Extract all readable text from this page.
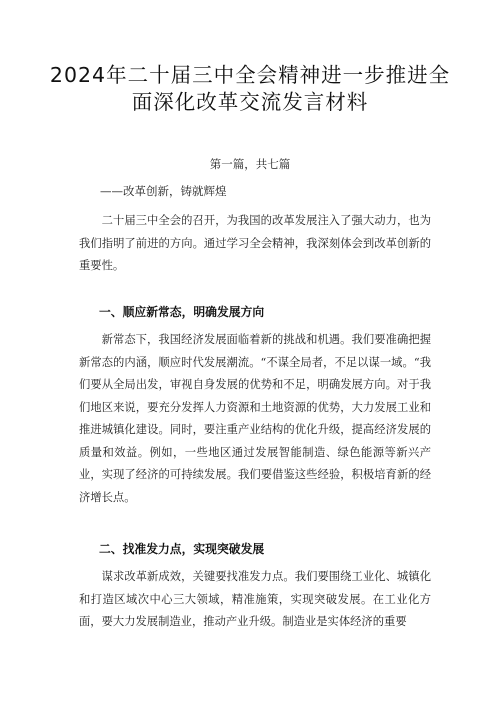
2024年二十届三中全会精神进一步推进全
面深化改革交流发言材料
第一篇，共七篇
——改革创新，铸就辉煌

二十届三中全会的召开，为我国的改革发展注入了强大动力，也为我们指明了前进的方向。通过学习全会精神，我深刻体会到改革创新的重要性。

一、顺应新常态，明确发展方向

新常态下，我国经济发展面临着新的挑战和机遇。我们要准确把握新常态的内涵，顺应时代发展潮流。“不谋全局者，不足以谋一域。“我们要从全局出发，审视自身发展的优势和不足，明确发展方向。对于我们地区来说，要充分发挥人力资源和土地资源的优势，大力发展工业和推进城镇化建设。同时，要注重产业结构的优化升级，提高经济发展的质量和效益。例如，一些地区通过发展智能制造、绿色能源等新兴产业，实现了经济的可持续发展。我们要借鉴这些经验，积极培育新的经济增长点。

二、找准发力点，实现突破发展

谋求改革新成效，关键要找准发力点。我们要围绕工业化、城镇化和打造区域次中心三大领域，精准施策，实现突破发展。在工业化方面，要大力发展制造业，推动产业升级。制造业是实体经济的重要
